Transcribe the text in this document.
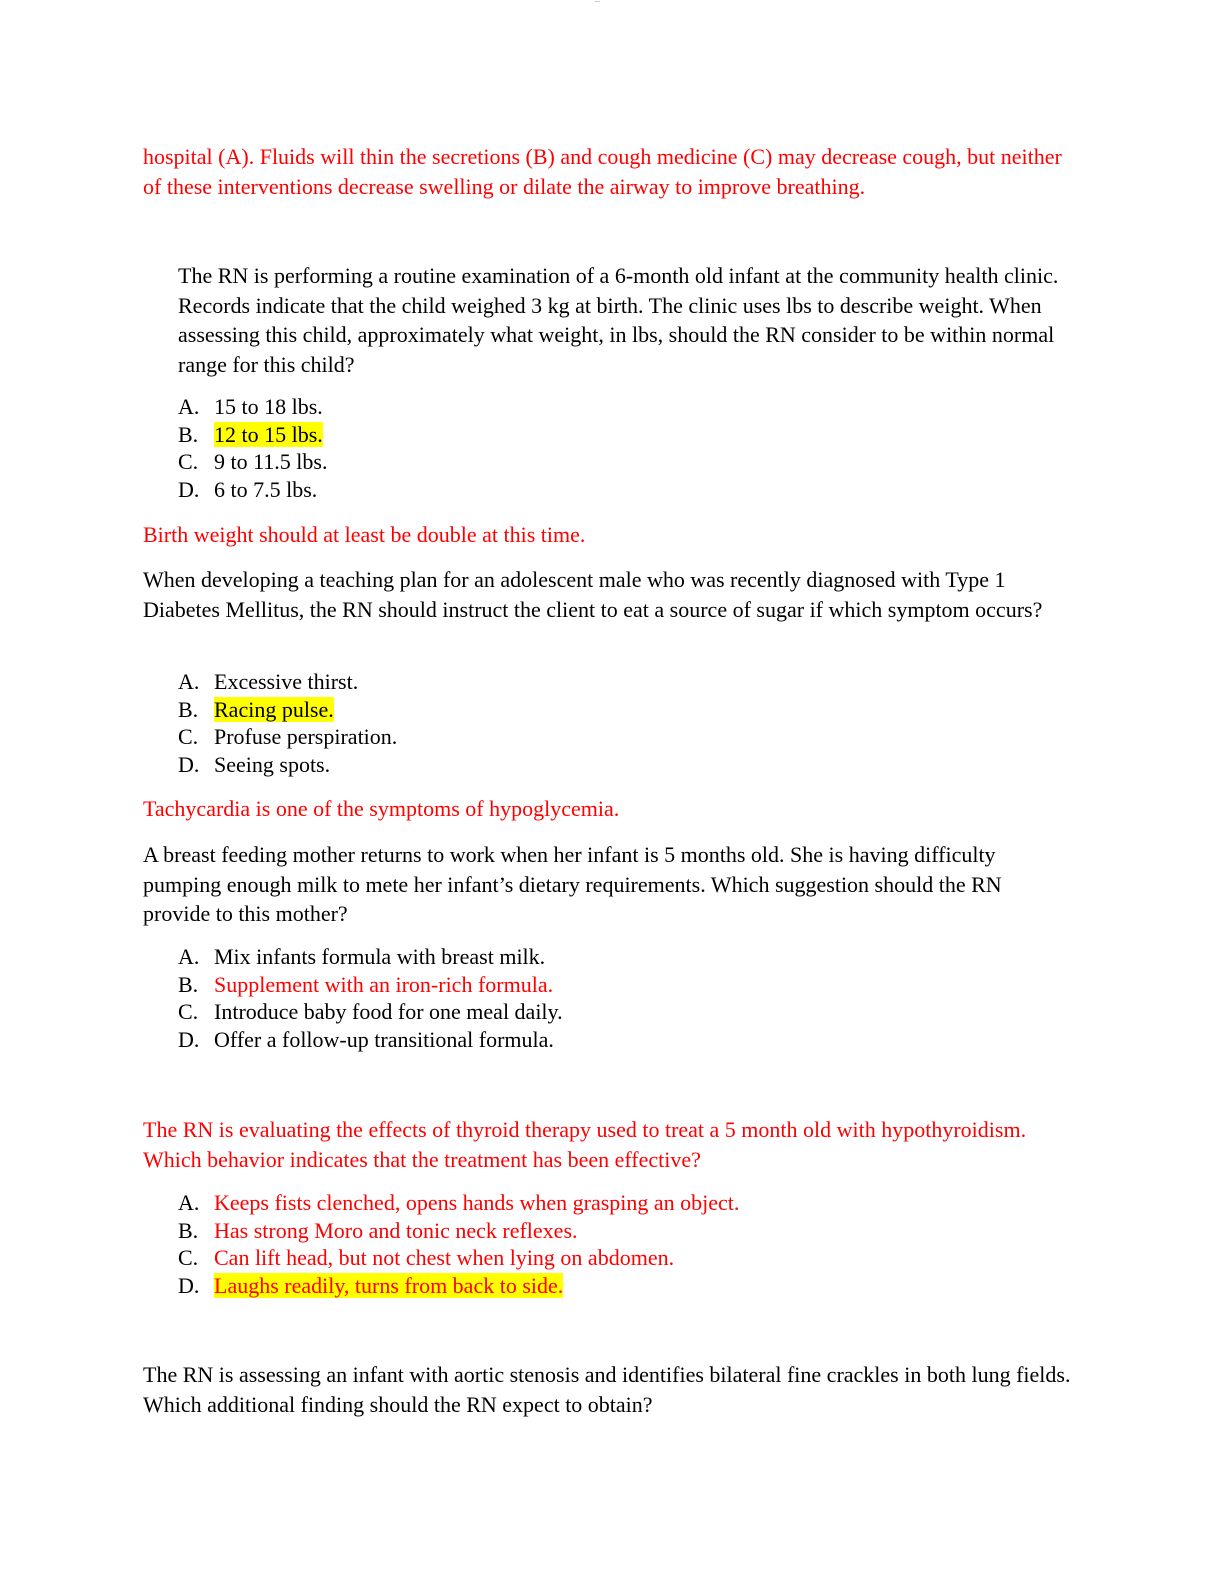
—

hospital (A). Fluids will thin the secretions (B) and cough medicine (C) may decrease cough, but neither of these interventions decrease swelling or dilate the airway to improve breathing.

The RN is performing a routine examination of a 6-month old infant at the community health clinic. Records indicate that the child weighed 3 kg at birth. The clinic uses lbs to describe weight. When assessing this child, approximately what weight, in lbs, should the RN consider to be within normal range for this child?

A. 15 to 18 lbs.
B. 12 to 15 lbs.
C. 9 to 11.5 lbs.
D. 6 to 7.5 lbs.

Birth weight should at least be double at this time.

When developing a teaching plan for an adolescent male who was recently diagnosed with Type 1 Diabetes Mellitus, the RN should instruct the client to eat a source of sugar if which symptom occurs?

A. Excessive thirst.
B. Racing pulse.
C. Profuse perspiration.
D. Seeing spots.

Tachycardia is one of the symptoms of hypoglycemia.

A breast feeding mother returns to work when her infant is 5 months old. She is having difficulty pumping enough milk to mete her infant’s dietary requirements. Which suggestion should the RN provide to this mother?

A. Mix infants formula with breast milk.
B. Supplement with an iron-rich formula.
C. Introduce baby food for one meal daily.
D. Offer a follow-up transitional formula.

The RN is evaluating the effects of thyroid therapy used to treat a 5 month old with hypothyroidism. Which behavior indicates that the treatment has been effective?

A. Keeps fists clenched, opens hands when grasping an object.
B. Has strong Moro and tonic neck reflexes.
C. Can lift head, but not chest when lying on abdomen.
D. Laughs readily, turns from back to side.

The RN is assessing an infant with aortic stenosis and identifies bilateral fine crackles in both lung fields. Which additional finding should the RN expect to obtain?
